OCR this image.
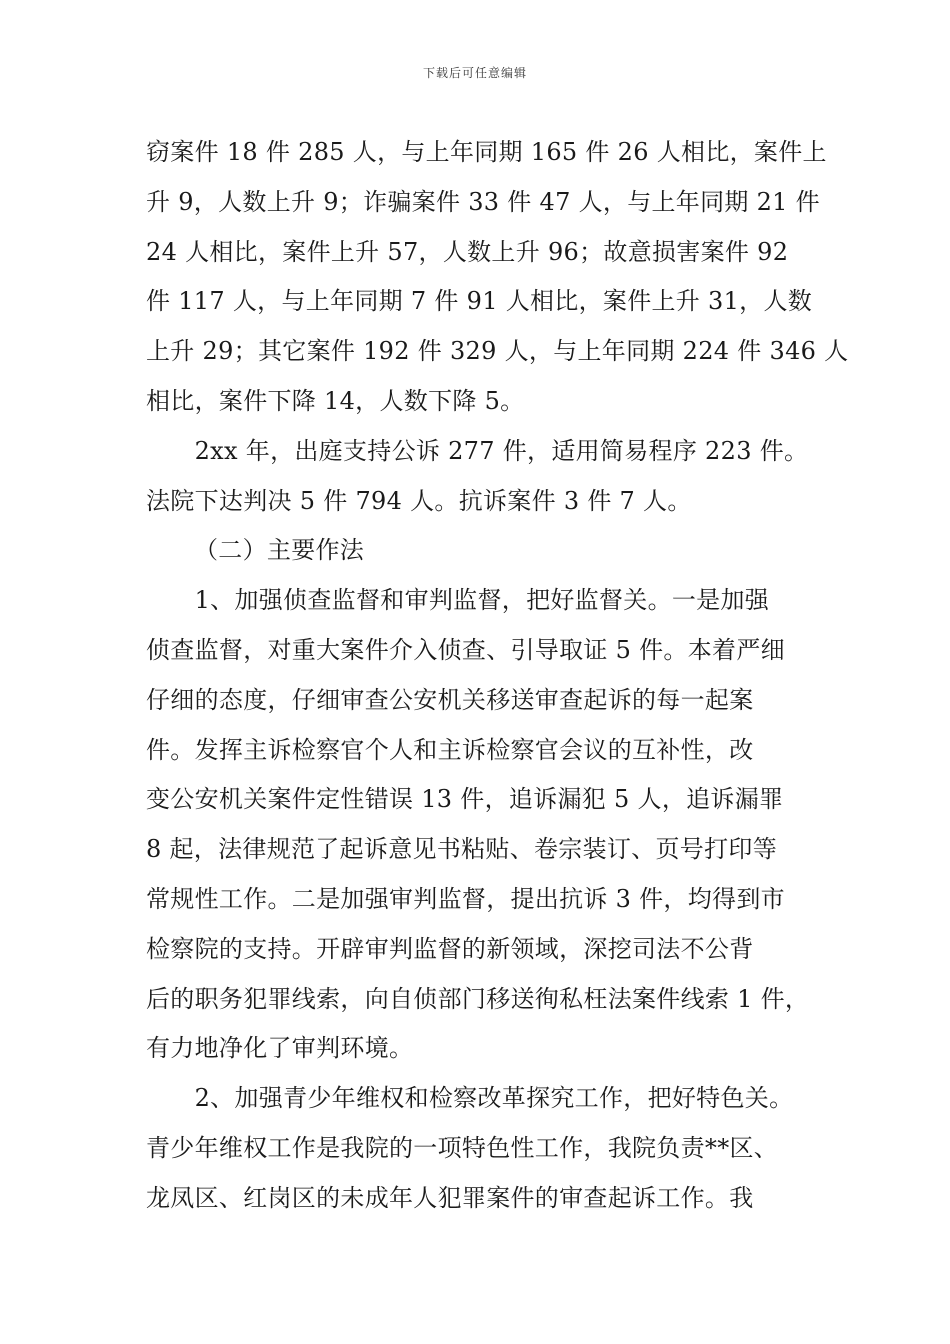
下载后可任意编辑

窃案件 18 件 285 人，与上年同期 165 件 26 人相比，案件上
升 9，人数上升 9；诈骗案件 33 件 47 人，与上年同期 21 件
24 人相比，案件上升 57，人数上升 96；故意损害案件 92
件 117 人，与上年同期 7 件 91 人相比，案件上升 31，人数
上升 29；其它案件 192 件 329 人，与上年同期 224 件 346 人
相比，案件下降 14，人数下降 5。

　　2xx 年，出庭支持公诉 277 件，适用简易程序 223 件。
法院下达判决 5 件 794 人。抗诉案件 3 件 7 人。

（二）主要作法

　　1、加强侦查监督和审判监督，把好监督关。一是加强
侦查监督，对重大案件介入侦查、引导取证 5 件。本着严细
仔细的态度，仔细审查公安机关移送审查起诉的每一起案
件。发挥主诉检察官个人和主诉检察官会议的互补性，改
变公安机关案件定性错误 13 件，追诉漏犯 5 人，追诉漏罪
8 起，法律规范了起诉意见书粘贴、卷宗装订、页号打印等
常规性工作。二是加强审判监督，提出抗诉 3 件，均得到市
检察院的支持。开辟审判监督的新领域，深挖司法不公背
后的职务犯罪线索，向自侦部门移送徇私枉法案件线索 1 件，
有力地净化了审判环境。

　　2、加强青少年维权和检察改革探究工作，把好特色关。
青少年维权工作是我院的一项特色性工作，我院负责**区、
龙凤区、红岗区的未成年人犯罪案件的审查起诉工作。我
